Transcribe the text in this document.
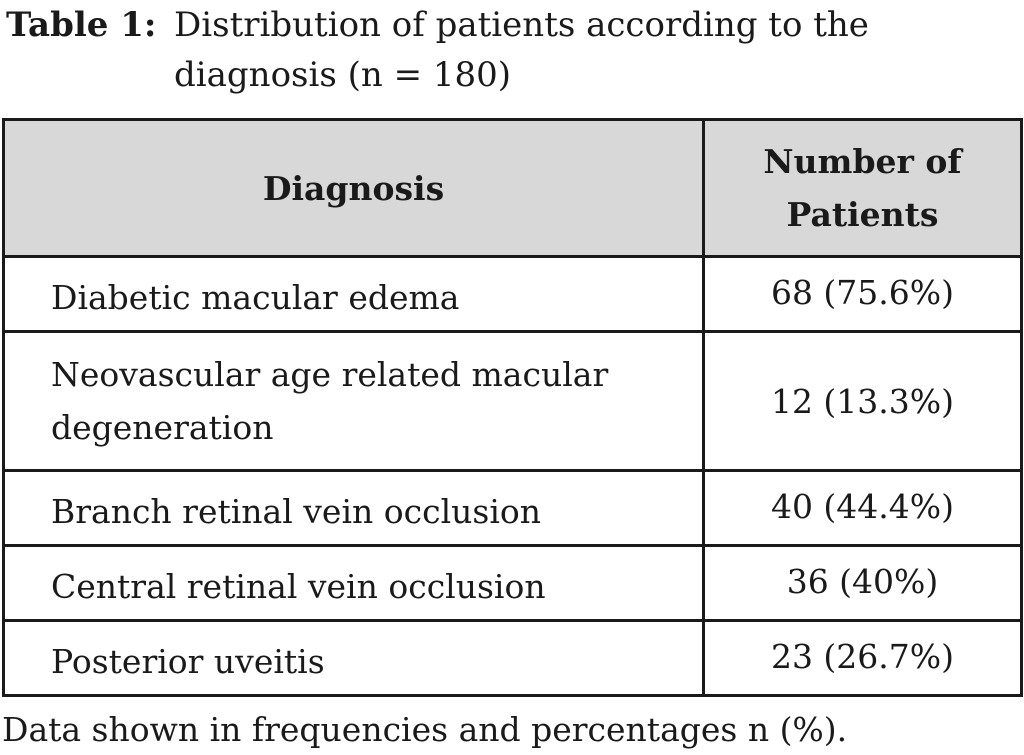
Table 1: Distribution of patients according to the diagnosis (n = 180)
Diagnosis	Number of Patients
Diabetic macular edema	68 (75.6%)
Neovascular age related macular degeneration	12 (13.3%)
Branch retinal vein occlusion	40 (44.4%)
Central retinal vein occlusion	36 (40%)
Posterior uveitis	23 (26.7%)
Data shown in frequencies and percentages n (%).
